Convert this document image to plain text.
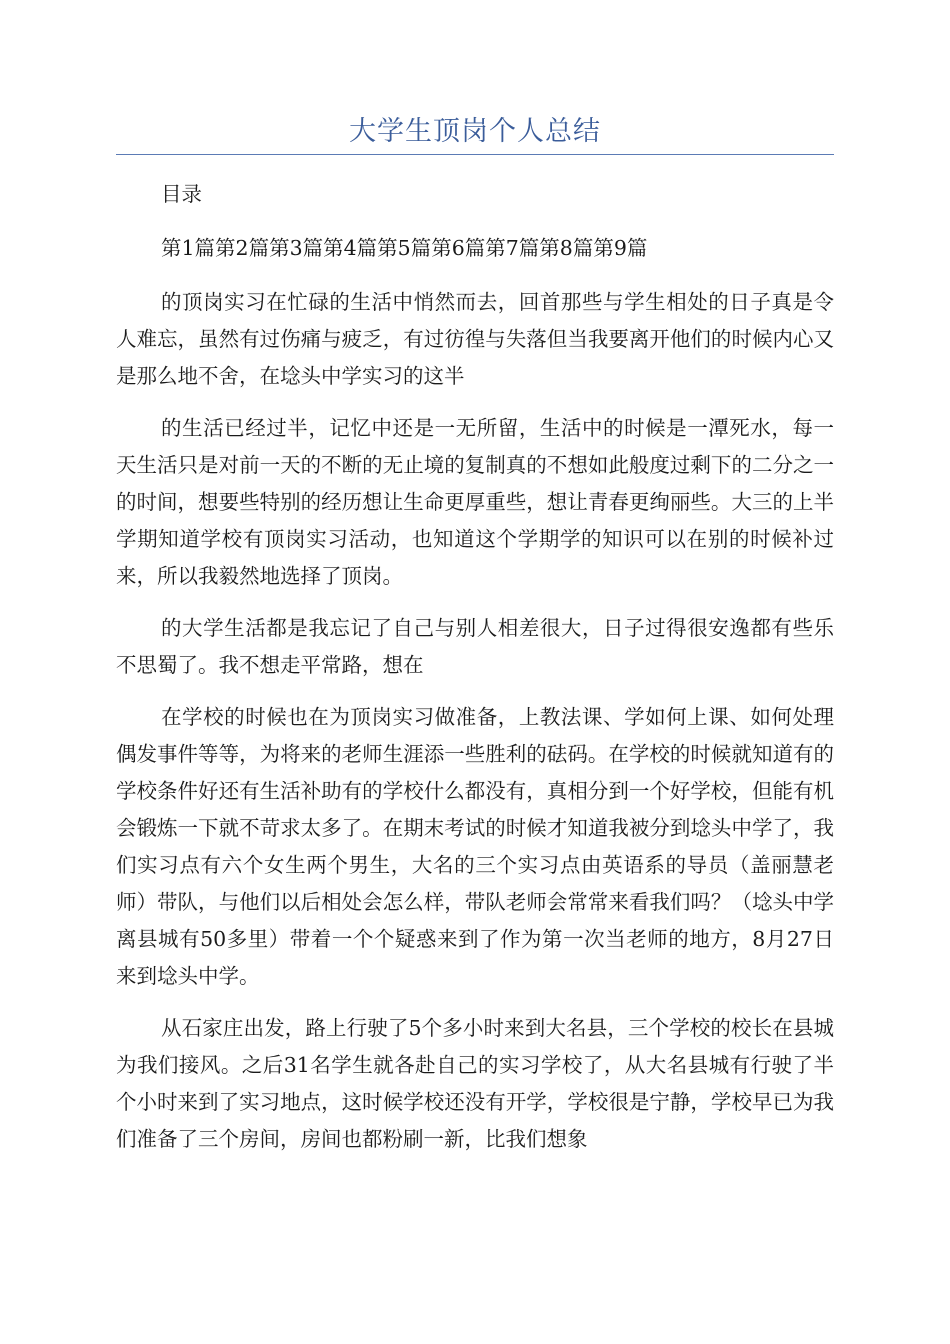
大学生顶岗个人总结

目录

第1篇第2篇第3篇第4篇第5篇第6篇第7篇第8篇第9篇

的顶岗实习在忙碌的生活中悄然而去，回首那些与学生相处的日子真是令人难忘，虽然有过伤痛与疲乏，有过彷徨与失落但当我要离开他们的时候内心又是那么地不舍，在埝头中学实习的这半

的生活已经过半，记忆中还是一无所留，生活中的时候是一潭死水，每一天生活只是对前一天的不断的无止境的复制真的不想如此般度过剩下的二分之一的时间，想要些特别的经历想让生命更厚重些，想让青春更绚丽些。大三的上半学期知道学校有顶岗实习活动，也知道这个学期学的知识可以在别的时候补过来，所以我毅然地选择了顶岗。

的大学生活都是我忘记了自己与别人相差很大，日子过得很安逸都有些乐不思蜀了。我不想走平常路，想在

在学校的时候也在为顶岗实习做准备，上教法课、学如何上课、如何处理偶发事件等等，为将来的老师生涯添一些胜利的砝码。在学校的时候就知道有的学校条件好还有生活补助有的学校什么都没有，真相分到一个好学校，但能有机会锻炼一下就不苛求太多了。在期末考试的时候才知道我被分到埝头中学了，我们实习点有六个女生两个男生，大名的三个实习点由英语系的导员（盖丽慧老师）带队，与他们以后相处会怎么样，带队老师会常常来看我们吗？（埝头中学离县城有50多里）带着一个个疑惑来到了作为第一次当老师的地方，8月27日来到埝头中学。

从石家庄出发，路上行驶了5个多小时来到大名县，三个学校的校长在县城为我们接风。之后31名学生就各赴自己的实习学校了，从大名县城有行驶了半个小时来到了实习地点，这时候学校还没有开学，学校很是宁静，学校早已为我们准备了三个房间，房间也都粉刷一新，比我们想象
